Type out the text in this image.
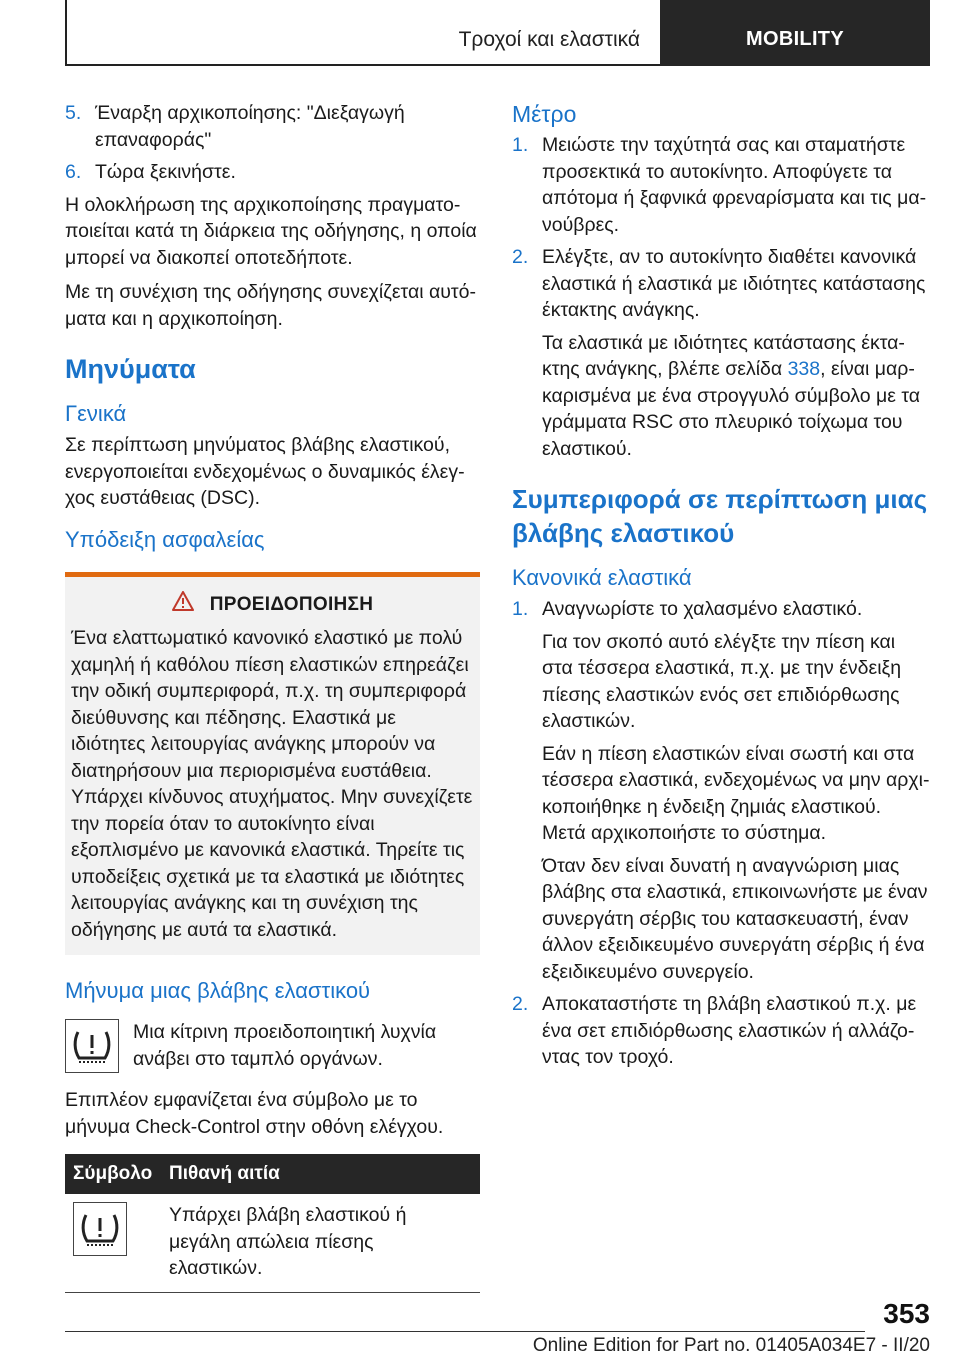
Τροχοί και ελαστικά	MOBILITY
5. Έναρξη αρχικοποίησης: "Διεξαγωγή επαναφοράς"
6. Τώρα ξεκινήστε.

Η ολοκλήρωση της αρχικοποίησης πραγματοποιείται κατά τη διάρκεια της οδήγησης, η οποία μπορεί να διακοπεί οποτεδήποτε.

Με τη συνέχιση της οδήγησης συνεχίζεται αυτόματα και η αρχικοποίηση.

Μηνύματα
Γενικά

Σε περίπτωση μηνύματος βλάβης ελαστικού, ενεργοποιείται ενδεχομένως ο δυναμικός έλεγχος ευστάθειας (DSC).

Υπόδειξη ασφαλείας
ΠΡΟΕΙΔΟΠΟΙΗΣΗ
Ένα ελαττωματικό κανονικό ελαστικό με πολύ χαμηλή ή καθόλου πίεση ελαστικών επηρεάζει την οδική συμπεριφορά, π.χ. τη συμπεριφορά διεύθυνσης και πέδησης. Ελαστικά με ιδιότητες λειτουργίας ανάγκης μπορούν να διατηρήσουν μια περιορισμένα ευστάθεια. Υπάρχει κίνδυνος ατυχήματος. Μην συνεχίζετε την πορεία όταν το αυτοκίνητο είναι εξοπλισμένο με κανονικά ελαστικά. Τηρείτε τις υποδείξεις σχετικά με τα ελαστικά με ιδιότητες λειτουργίας ανάγκης και τη συνέχιση της οδήγησης με αυτά τα ελαστικά.
Μήνυμα μιας βλάβης ελαστικού
Μια κίτρινη προειδοποιητική λυχνία ανάβει στο ταμπλό οργάνων.

Επιπλέον εμφανίζεται ένα σύμβολο με το μήνυμα Check-Control στην οθόνη ελέγχου.

Σύμβολο	Πιθανή αιτία

	Υπάρχει βλάβη ελαστικού ή μεγάλη απώλεια πίεσης ελαστικών.
Μέτρο
1. Μειώστε την ταχύτητά σας και σταματήστε προσεκτικά το αυτοκίνητο. Αποφύγετε τα απότομα ή ξαφνικά φρεναρίσματα και τις μανούβρες.
2. Ελέγξτε, αν το αυτοκίνητο διαθέτει κανονικά ελαστικά ή ελαστικά με ιδιότητες κατάστασης έκτακτης ανάγκης.
Τα ελαστικά με ιδιότητες κατάστασης έκτακτης ανάγκης, βλέπε σελίδα 338, είναι μαρκαρισμένα με ένα στρογγυλό σύμβολο με τα γράμματα RSC στο πλευρικό τοίχωμα του ελαστικού.
Συμπεριφορά σε περίπτωση μιας βλάβης ελαστικού
Κανονικά ελαστικά
1. Αναγνωρίστε το χαλασμένο ελαστικό.
Για τον σκοπό αυτό ελέγξτε την πίεση και στα τέσσερα ελαστικά, π.χ. με την ένδειξη πίεσης ελαστικών ενός σετ επιδιόρθωσης ελαστικών.
Εάν η πίεση ελαστικών είναι σωστή και στα τέσσερα ελαστικά, ενδεχομένως να μην αρχικοποιήθηκε η ένδειξη ζημιάς ελαστικού. Μετά αρχικοποιήστε το σύστημα.
Όταν δεν είναι δυνατή η αναγνώριση μιας βλάβης στα ελαστικά, επικοινωνήστε με έναν συνεργάτη σέρβις του κατασκευαστή, έναν άλλον εξειδικευμένο συνεργάτη σέρβις ή ένα εξειδικευμένο συνεργείο.
2. Αποκαταστήστε τη βλάβη ελαστικού π.χ. με ένα σετ επιδιόρθωσης ελαστικών ή αλλάζοντας τον τροχό.
353
Online Edition for Part no. 01405A034E7 - II/20
